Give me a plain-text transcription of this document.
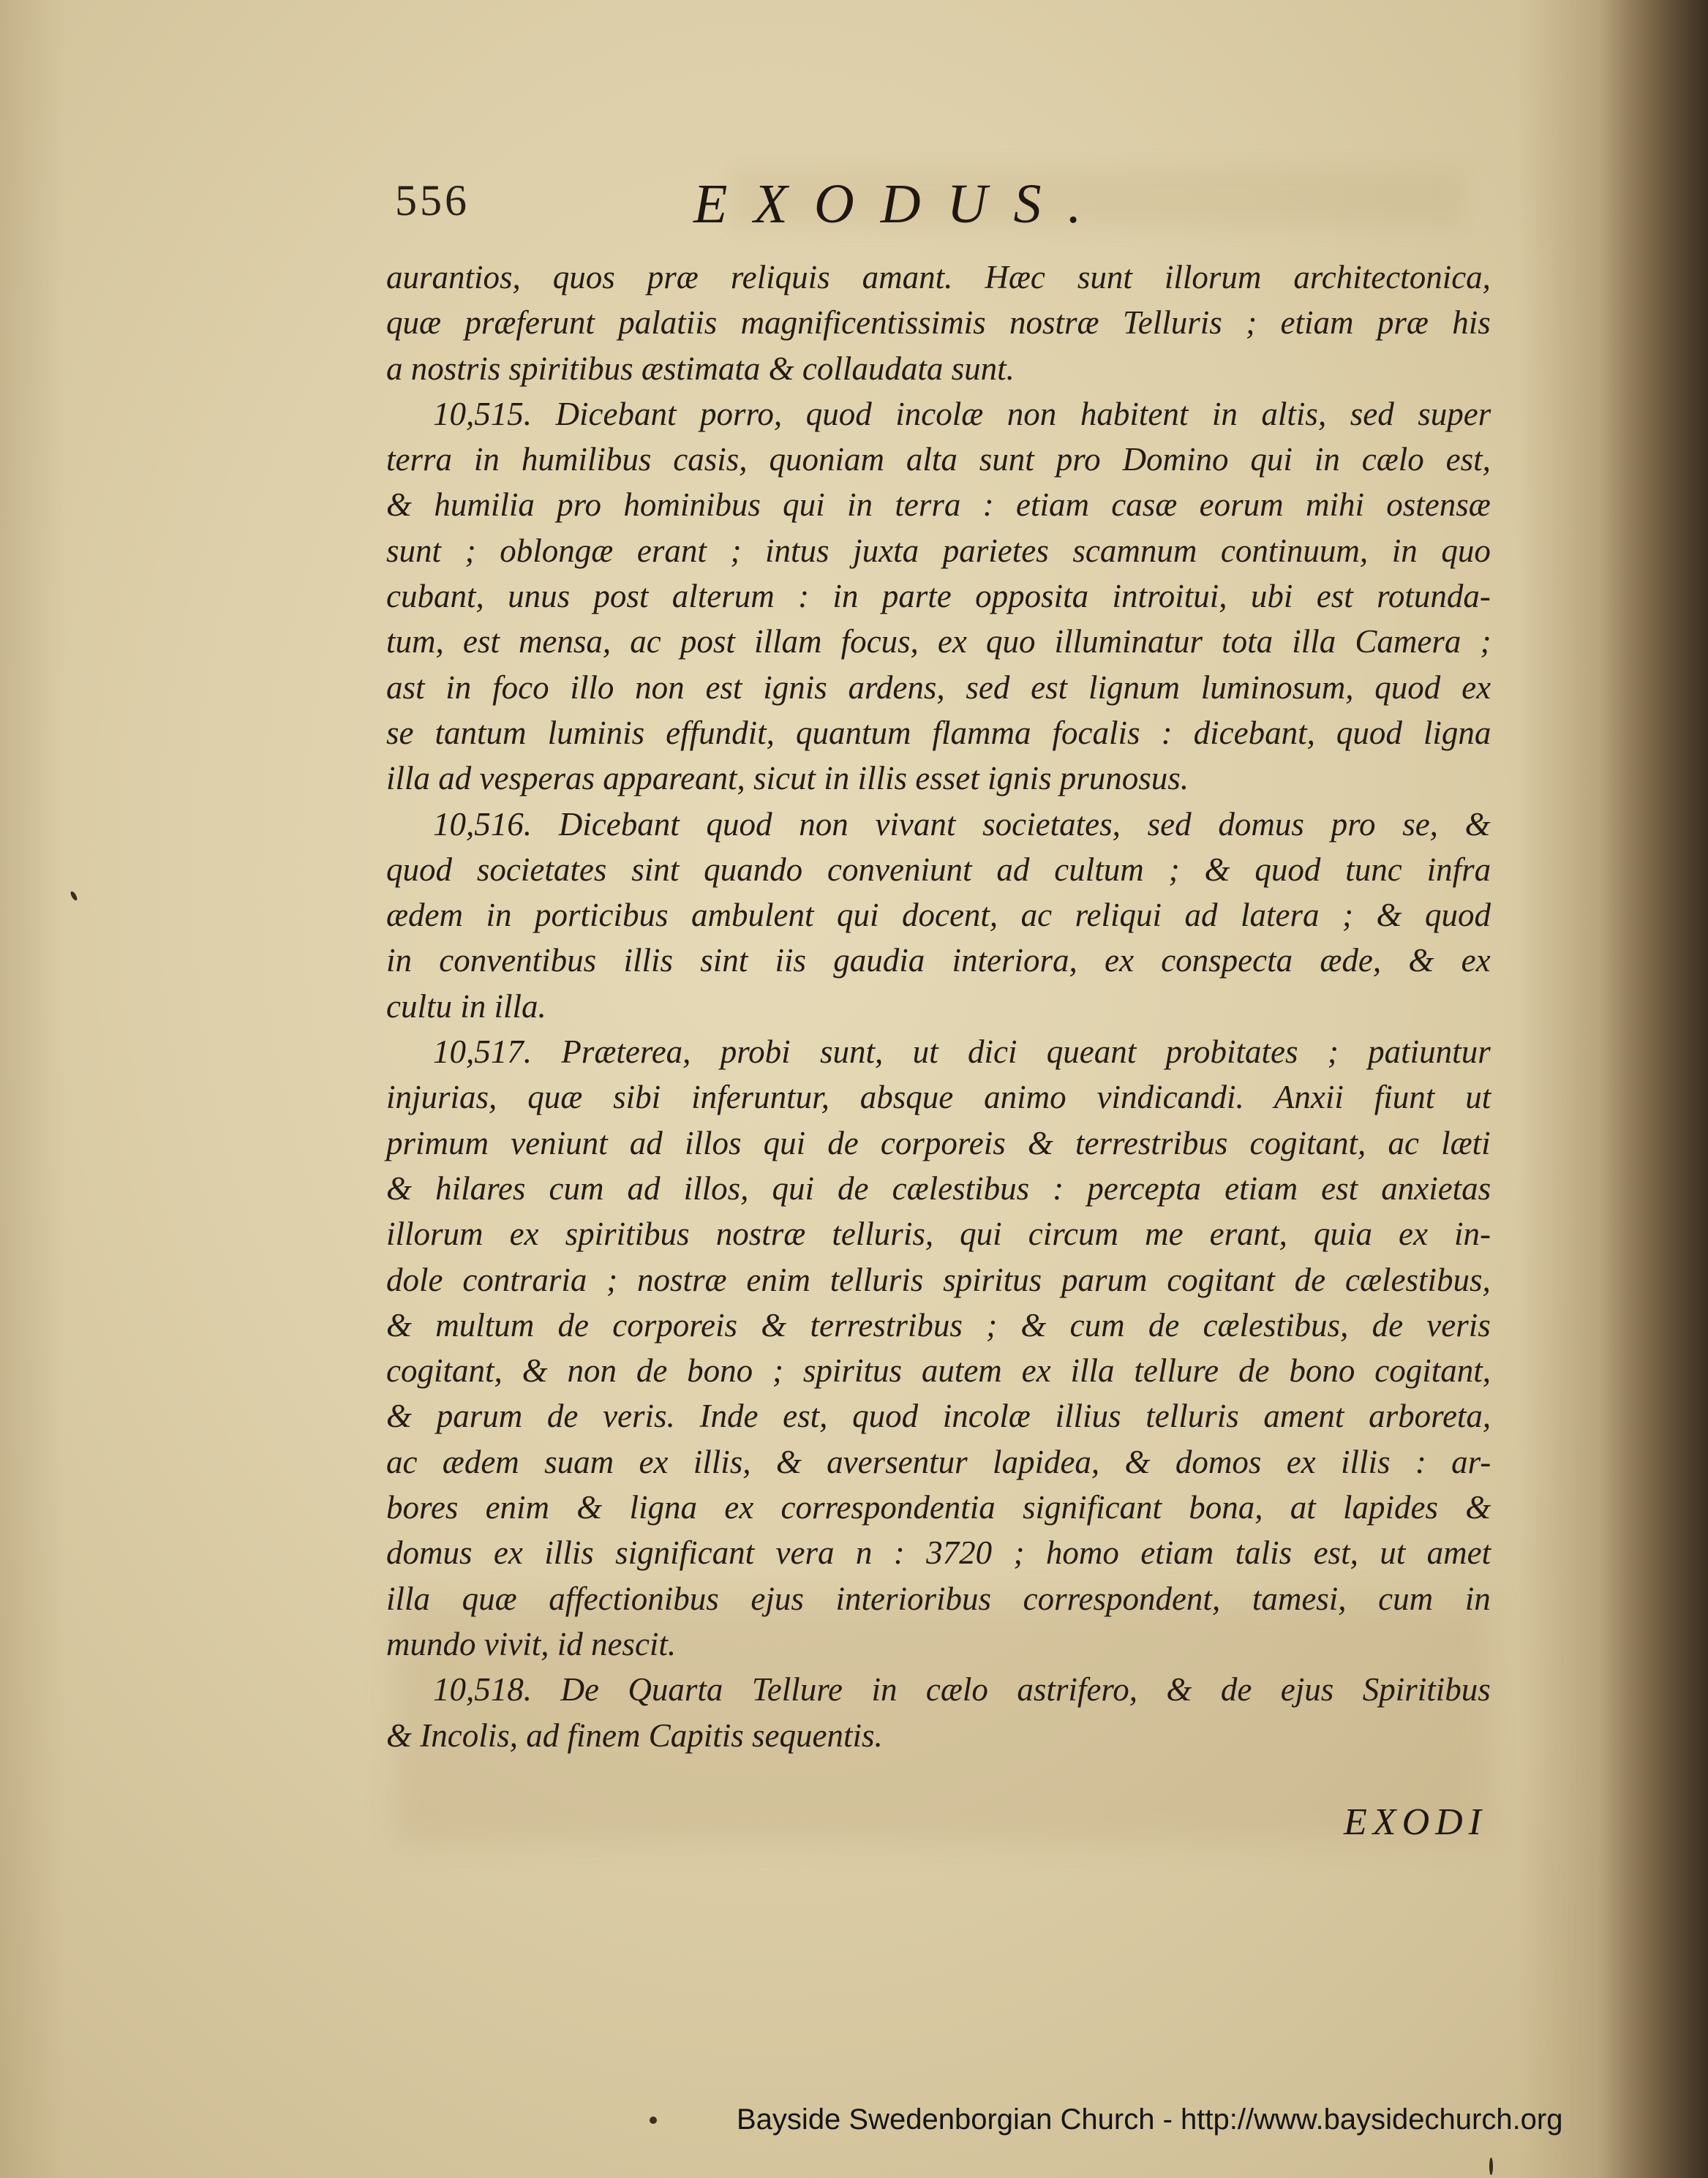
556	EXODUS.
aurantios, quos præ reliquis amant. Hæc sunt illorum architectonica,
quæ præferunt palatiis magnificentissimis nostræ Telluris ; etiam præ his
a nostris spiritibus æstimata & collaudata sunt.
10,515. Dicebant porro, quod incolæ non habitent in altis, sed super
terra in humilibus casis, quoniam alta sunt pro Domino qui in cælo est,
& humilia pro hominibus qui in terra : etiam casæ eorum mihi ostensæ
sunt ; oblongæ erant ; intus juxta parietes scamnum continuum, in quo
cubant, unus post alterum : in parte opposita introitui, ubi est rotunda-
tum, est mensa, ac post illam focus, ex quo illuminatur tota illa Camera ;
ast in foco illo non est ignis ardens, sed est lignum luminosum, quod ex
se tantum luminis effundit, quantum flamma focalis : dicebant, quod ligna
illa ad vesperas appareant, sicut in illis esset ignis prunosus.
10,516. Dicebant quod non vivant societates, sed domus pro se, &
quod societates sint quando conveniunt ad cultum ; & quod tunc infra
ædem in porticibus ambulent qui docent, ac reliqui ad latera ; & quod
in conventibus illis sint iis gaudia interiora, ex conspecta æde, & ex
cultu in illa.
10,517. Præterea, probi sunt, ut dici queant probitates ; patiuntur
injurias, quæ sibi inferuntur, absque animo vindicandi. Anxii fiunt ut
primum veniunt ad illos qui de corporeis & terrestribus cogitant, ac læti
& hilares cum ad illos, qui de cælestibus : percepta etiam est anxietas
illorum ex spiritibus nostræ telluris, qui circum me erant, quia ex in-
dole contraria ; nostræ enim telluris spiritus parum cogitant de cælestibus,
& multum de corporeis & terrestribus ; & cum de cælestibus, de veris
cogitant, & non de bono ; spiritus autem ex illa tellure de bono cogitant,
& parum de veris. Inde est, quod incolæ illius telluris ament arboreta,
ac ædem suam ex illis, & aversentur lapidea, & domos ex illis : ar-
bores enim & ligna ex correspondentia significant bona, at lapides &
domus ex illis significant vera n : 3720 ; homo etiam talis est, ut amet
illa quæ affectionibus ejus interioribus correspondent, tamesi, cum in
mundo vivit, id nescit.
10,518. De Quarta Tellure in cælo astrifero, & de ejus Spiritibus
& Incolis, ad finem Capitis sequentis.
EXODI
Bayside Swedenborgian Church - http://www.baysidechurch.org
